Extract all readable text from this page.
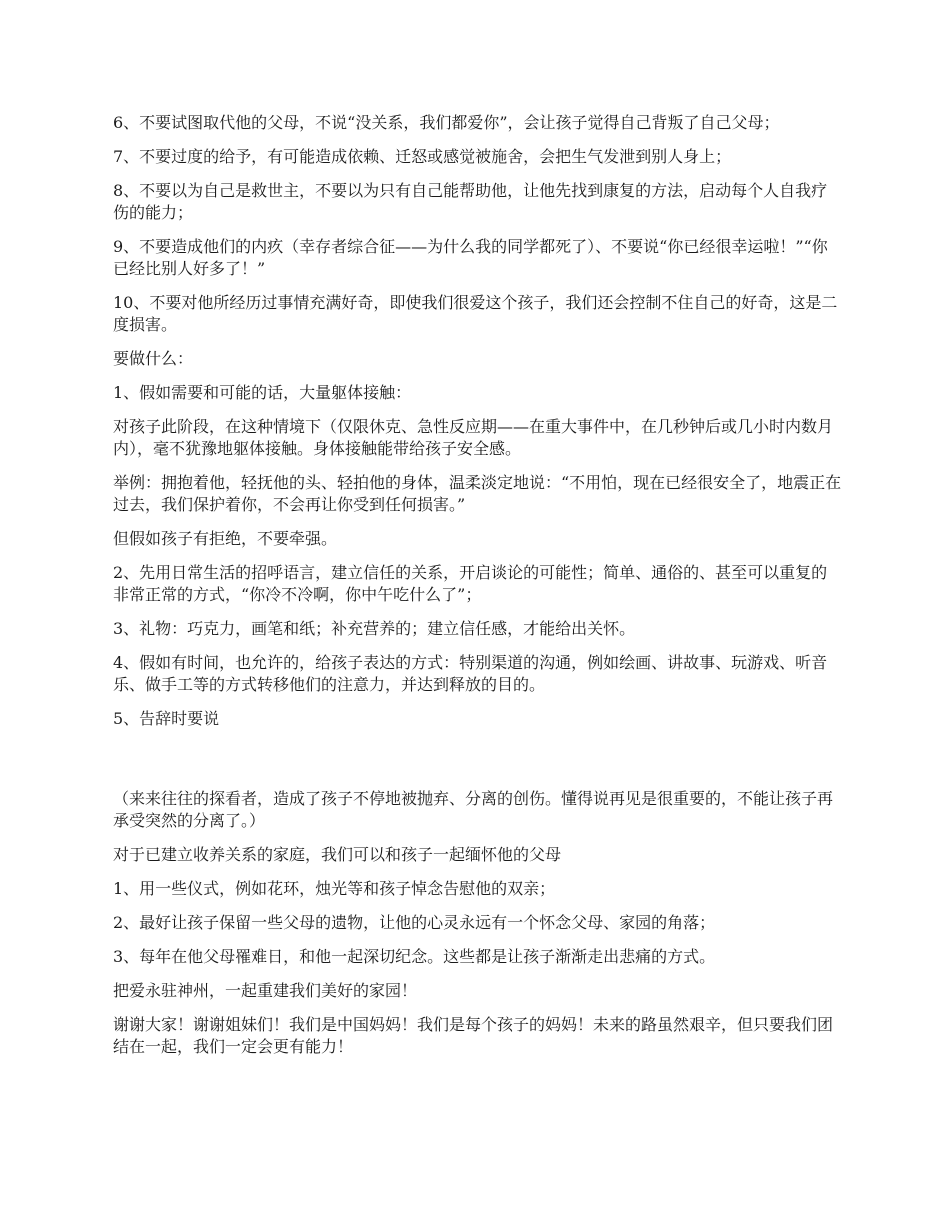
6、不要试图取代他的父母，不说“没关系，我们都爱你”，会让孩子觉得自己背叛了自己父母；

7、不要过度的给予，有可能造成依赖、迁怒或感觉被施舍，会把生气发泄到别人身上；

8、不要以为自己是救世主，不要以为只有自己能帮助他，让他先找到康复的方法，启动每个人自我疗伤的能力；

9、不要造成他们的内疚（幸存者综合征——为什么我的同学都死了）、不要说“你已经很幸运啦！”“你已经比别人好多了！”

10、不要对他所经历过事情充满好奇，即使我们很爱这个孩子，我们还会控制不住自己的好奇，这是二度损害。

要做什么：

1、假如需要和可能的话，大量躯体接触：

对孩子此阶段，在这种情境下（仅限休克、急性反应期——在重大事件中，在几秒钟后或几小时内数月内），毫不犹豫地躯体接触。身体接触能带给孩子安全感。

举例：拥抱着他，轻抚他的头、轻拍他的身体，温柔淡定地说：“不用怕，现在已经很安全了，地震正在过去，我们保护着你，不会再让你受到任何损害。”

但假如孩子有拒绝，不要牵强。

2、先用日常生活的招呼语言，建立信任的关系，开启谈论的可能性；简单、通俗的、甚至可以重复的非常正常的方式，“你冷不冷啊，你中午吃什么了”；

3、礼物：巧克力，画笔和纸；补充营养的；建立信任感，才能给出关怀。

4、假如有时间，也允许的，给孩子表达的方式：特别渠道的沟通，例如绘画、讲故事、玩游戏、听音乐、做手工等的方式转移他们的注意力，并达到释放的目的。

5、告辞时要说

（来来往往的探看者，造成了孩子不停地被抛弃、分离的创伤。懂得说再见是很重要的，不能让孩子再承受突然的分离了。）

对于已建立收养关系的家庭，我们可以和孩子一起缅怀他的父母

1、用一些仪式，例如花环，烛光等和孩子悼念告慰他的双亲；

2、最好让孩子保留一些父母的遗物，让他的心灵永远有一个怀念父母、家园的角落；

3、每年在他父母罹难日，和他一起深切纪念。这些都是让孩子渐渐走出悲痛的方式。

把爱永驻神州，一起重建我们美好的家园！

谢谢大家！谢谢姐妹们！我们是中国妈妈！我们是每个孩子的妈妈！未来的路虽然艰辛，但只要我们团结在一起，我们一定会更有能力！
